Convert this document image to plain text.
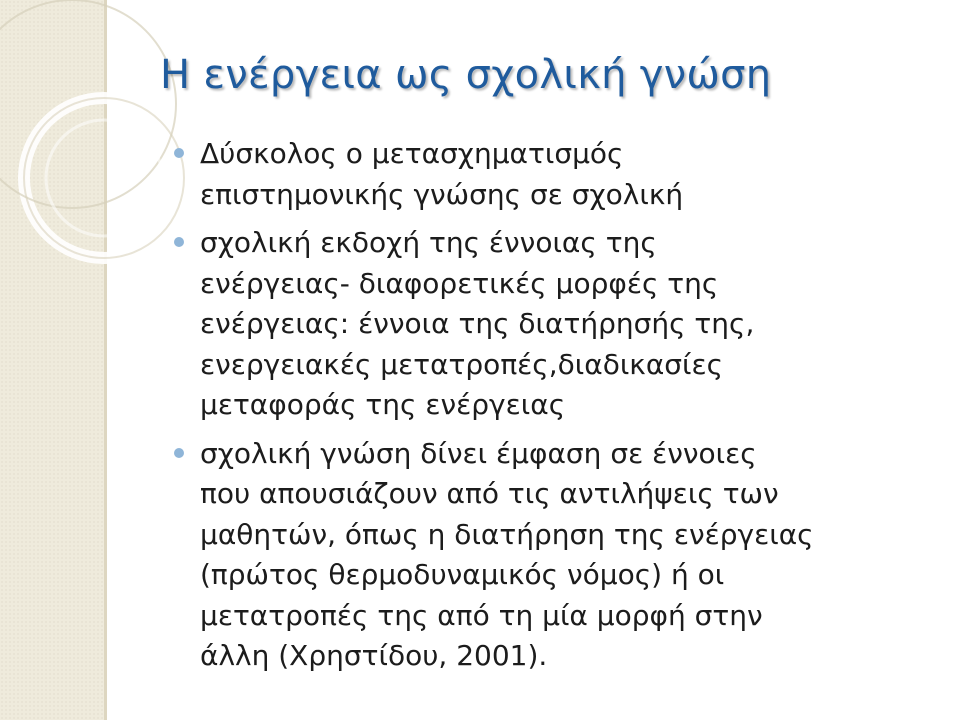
Η ενέργεια ως σχολική γνώση

Δύσκολος ο μετασχηματισμός
επιστημονικής γνώσης σε σχολική

σχολική εκδοχή της έννοιας της
ενέργειας- διαφορετικές μορφές της
ενέργειας: έννοια της διατήρησής της,
ενεργειακές μετατροπές,διαδικασίες
μεταφοράς της ενέργειας

σχολική γνώση δίνει έμφαση σε έννοιες
που απουσιάζουν από τις αντιλήψεις των
μαθητών, όπως η διατήρηση της ενέργειας
(πρώτος θερμοδυναμικός νόμος) ή οι
μετατροπές της από τη μία μορφή στην
άλλη (Χρηστίδου, 2001).
